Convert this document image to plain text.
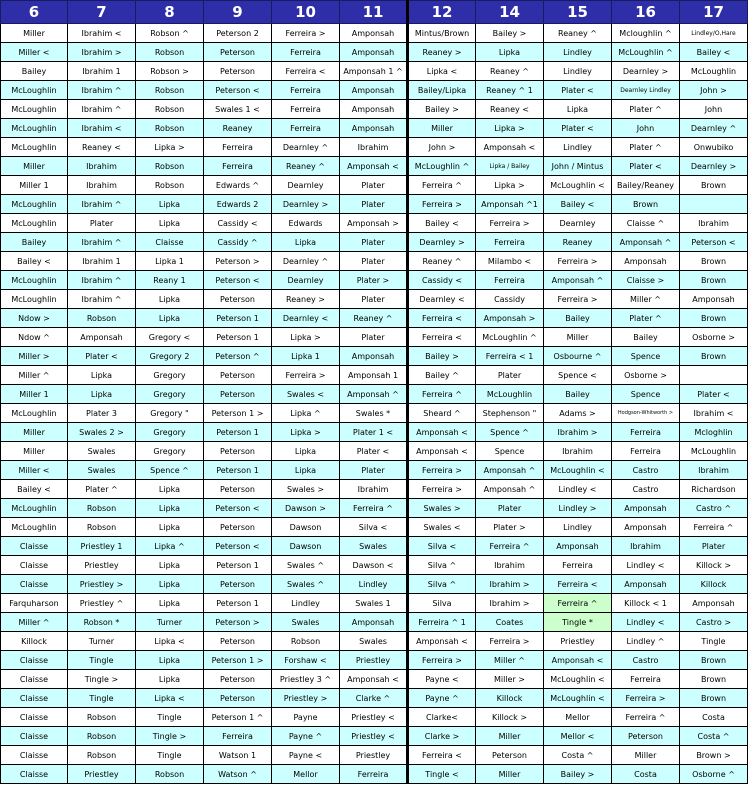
6	7	8	9	10	11	12	14	15	16	17
Miller	Ibrahim <	Robson ^	Peterson 2	Ferreira >	Amponsah	Mintus/Brown	Bailey >	Reaney ^	Mcloughlin ^	Lindley/O,Hare
Miller <	Ibrahim >	Robson	Peterson	Ferreira	Amponsah	Reaney >	Lipka	Lindley	McLoughlin ^	Bailey <
Bailey	Ibrahim 1	Robson >	Peterson	Ferreira <	Amponsah 1 ^	Lipka <	Reaney ^	Lindley	Dearnley >	McLoughlin
McLoughlin	Ibrahim ^	Robson	Peterson <	Ferreira	Amponsah	Bailey/Lipka	Reaney ^ 1	Plater <	Dearnley Lindley	John >
McLoughlin	Ibrahim ^	Robson	Swales 1 <	Ferreira	Amponsah	Bailey >	Reaney <	Lipka	Plater ^	John
McLoughlin	Ibrahim <	Robson	Reaney	Ferreira	Amponsah	Miller	Lipka >	Plater <	John	Dearnley ^
McLoughlin	Reaney <	Lipka >	Ferreira	Dearnley ^	Ibrahim	John >	Amponsah <	Lindley	Plater ^	Onwubiko
Miller	Ibrahim	Robson	Ferreira	Reaney ^	Amponsah <	McLoughlin ^	Lipka / Bailey	John / Mintus	Plater <	Dearnley >
Miller 1	Ibrahim	Robson	Edwards ^	Dearnley	Plater	Ferreira ^	Lipka >	McLoughlin <	Bailey/Reaney	Brown
McLoughlin	Ibrahim ^	Lipka	Edwards 2	Dearnley >	Plater	Ferreira >	Amponsah ^1	Bailey <	Brown	
McLoughlin	Plater	Lipka	Cassidy <	Edwards	Amponsah >	Bailey <	Ferreira >	Dearnley	Claisse ^	Ibrahim
Bailey	Ibrahim ^	Claisse	Cassidy ^	Lipka	Plater	Dearnley >	Ferreira	Reaney	Amponsah ^	Peterson <
Bailey <	Ibrahim 1	Lipka 1	Peterson >	Dearnley ^	Plater	Reaney ^	Milambo <	Ferreira >	Amponsah	Brown
McLoughlin	Ibrahim ^	Reany 1	Peterson <	Dearnley	Plater >	Cassidy <	Ferreira	Amponsah ^	Claisse >	Brown
McLoughlin	Ibrahim ^	Lipka	Peterson	Reaney >	Plater	Dearnley <	Cassidy	Ferreira >	Miller ^	Amponsah
Ndow >	Robson	Lipka	Peterson 1	Dearnley <	Reaney ^	Ferreira <	Amponsah >	Bailey	Plater ^	Brown
Ndow ^	Amponsah	Gregory <	Peterson 1	Lipka >	Plater	Ferreira <	McLoughlin ^	Miller	Bailey	Osborne >
Miller >	Plater <	Gregory 2	Peterson ^	Lipka 1	Amponsah	Bailey >	Ferreira < 1	Osbourne ^	Spence	Brown
Miller ^	Lipka	Gregory	Peterson	Ferreira >	Amponsah 1	Bailey ^	Plater	Spence <	Osborne >	
Miller 1	Lipka	Gregory	Peterson	Swales <	Amponsah ^	Ferreira ^	McLoughlin	Bailey	Spence	Plater <
McLoughlin	Plater 3	Gregory "	Peterson 1 >	Lipka ^	Swales *	Sheard ^	Stephenson "	Adams >	Hodgson-Whitworth >	Ibrahim <
Miller	Swales 2 >	Gregory	Peterson 1	Lipka >	Plater 1 <	Amponsah <	Spence ^	Ibrahim >	Ferreira	Mcloghlin
Miller	Swales	Gregory	Peterson	Lipka	Plater <	Amponsah <	Spence	Ibrahim	Ferreira	McLoughlin
Miller <	Swales	Spence ^	Peterson 1	Lipka	Plater	Ferreira >	Amponsah ^	McLoughlin <	Castro	Ibrahim
Bailey <	Plater ^	Lipka	Peterson	Swales >	Ibrahim	Ferreira >	Amponsah ^	Lindley <	Castro	Richardson
McLoughlin	Robson	Lipka	Peterson <	Dawson >	Ferreira ^	Swales >	Plater	Lindley >	Amponsah	Castro ^
McLoughlin	Robson	Lipka	Peterson	Dawson	Silva <	Swales <	Plater >	Lindley	Amponsah	Ferreira ^
Claisse	Priestley 1	Lipka ^	Peterson <	Dawson	Swales	Silva <	Ferreira ^	Amponsah	Ibrahim	Plater
Claisse	Priestley	Lipka	Peterson 1	Swales ^	Dawson <	Silva ^	Ibrahim	Ferreira	Lindley <	Killock >
Claisse	Priestley >	Lipka	Peterson	Swales ^	Lindley	Silva ^	Ibrahim >	Ferreira <	Amponsah	Killock
Farquharson	Priestley ^	Lipka	Peterson 1	Lindley	Swales 1	Silva	Ibrahim >	Ferreira ^	Killock < 1	Amponsah
Miller ^	Robson *	Turner	Peterson >	Swales	Amponsah	Ferreira ^ 1	Coates	Tingle *	Lindley <	Castro >
Killock	Turner	Lipka <	Peterson	Robson	Swales	Amponsah <	Ferreira >	Priestley	Lindley ^	Tingle
Claisse	Tingle	Lipka	Peterson 1 >	Forshaw <	Priestley	Ferreira >	Miller ^	Amponsah <	Castro	Brown
Claisse	Tingle >	Lipka	Peterson	Priestley 3 ^	Amponsah <	Payne <	Miller >	McLoughlin <	Ferreira	Brown
Claisse	Tingle	Lipka <	Peterson	Priestley >	Clarke ^	Payne ^	Killock	McLoughlin <	Ferreira >	Brown
Claisse	Robson	Tingle	Peterson 1 ^	Payne	Priestley <	Clarke<	Killock >	Mellor	Ferreira ^	Costa
Claisse	Robson	Tingle >	Ferreira	Payne ^	Priestley <	Clarke >	Miller	Mellor <	Peterson	Costa ^
Claisse	Robson	Tingle	Watson 1	Payne <	Priestley	Ferreira <	Peterson	Costa ^	Miller	Brown >
Claisse	Priestley	Robson	Watson ^	Mellor	Ferreira	Tingle <	Miller	Bailey >	Costa	Osborne ^
